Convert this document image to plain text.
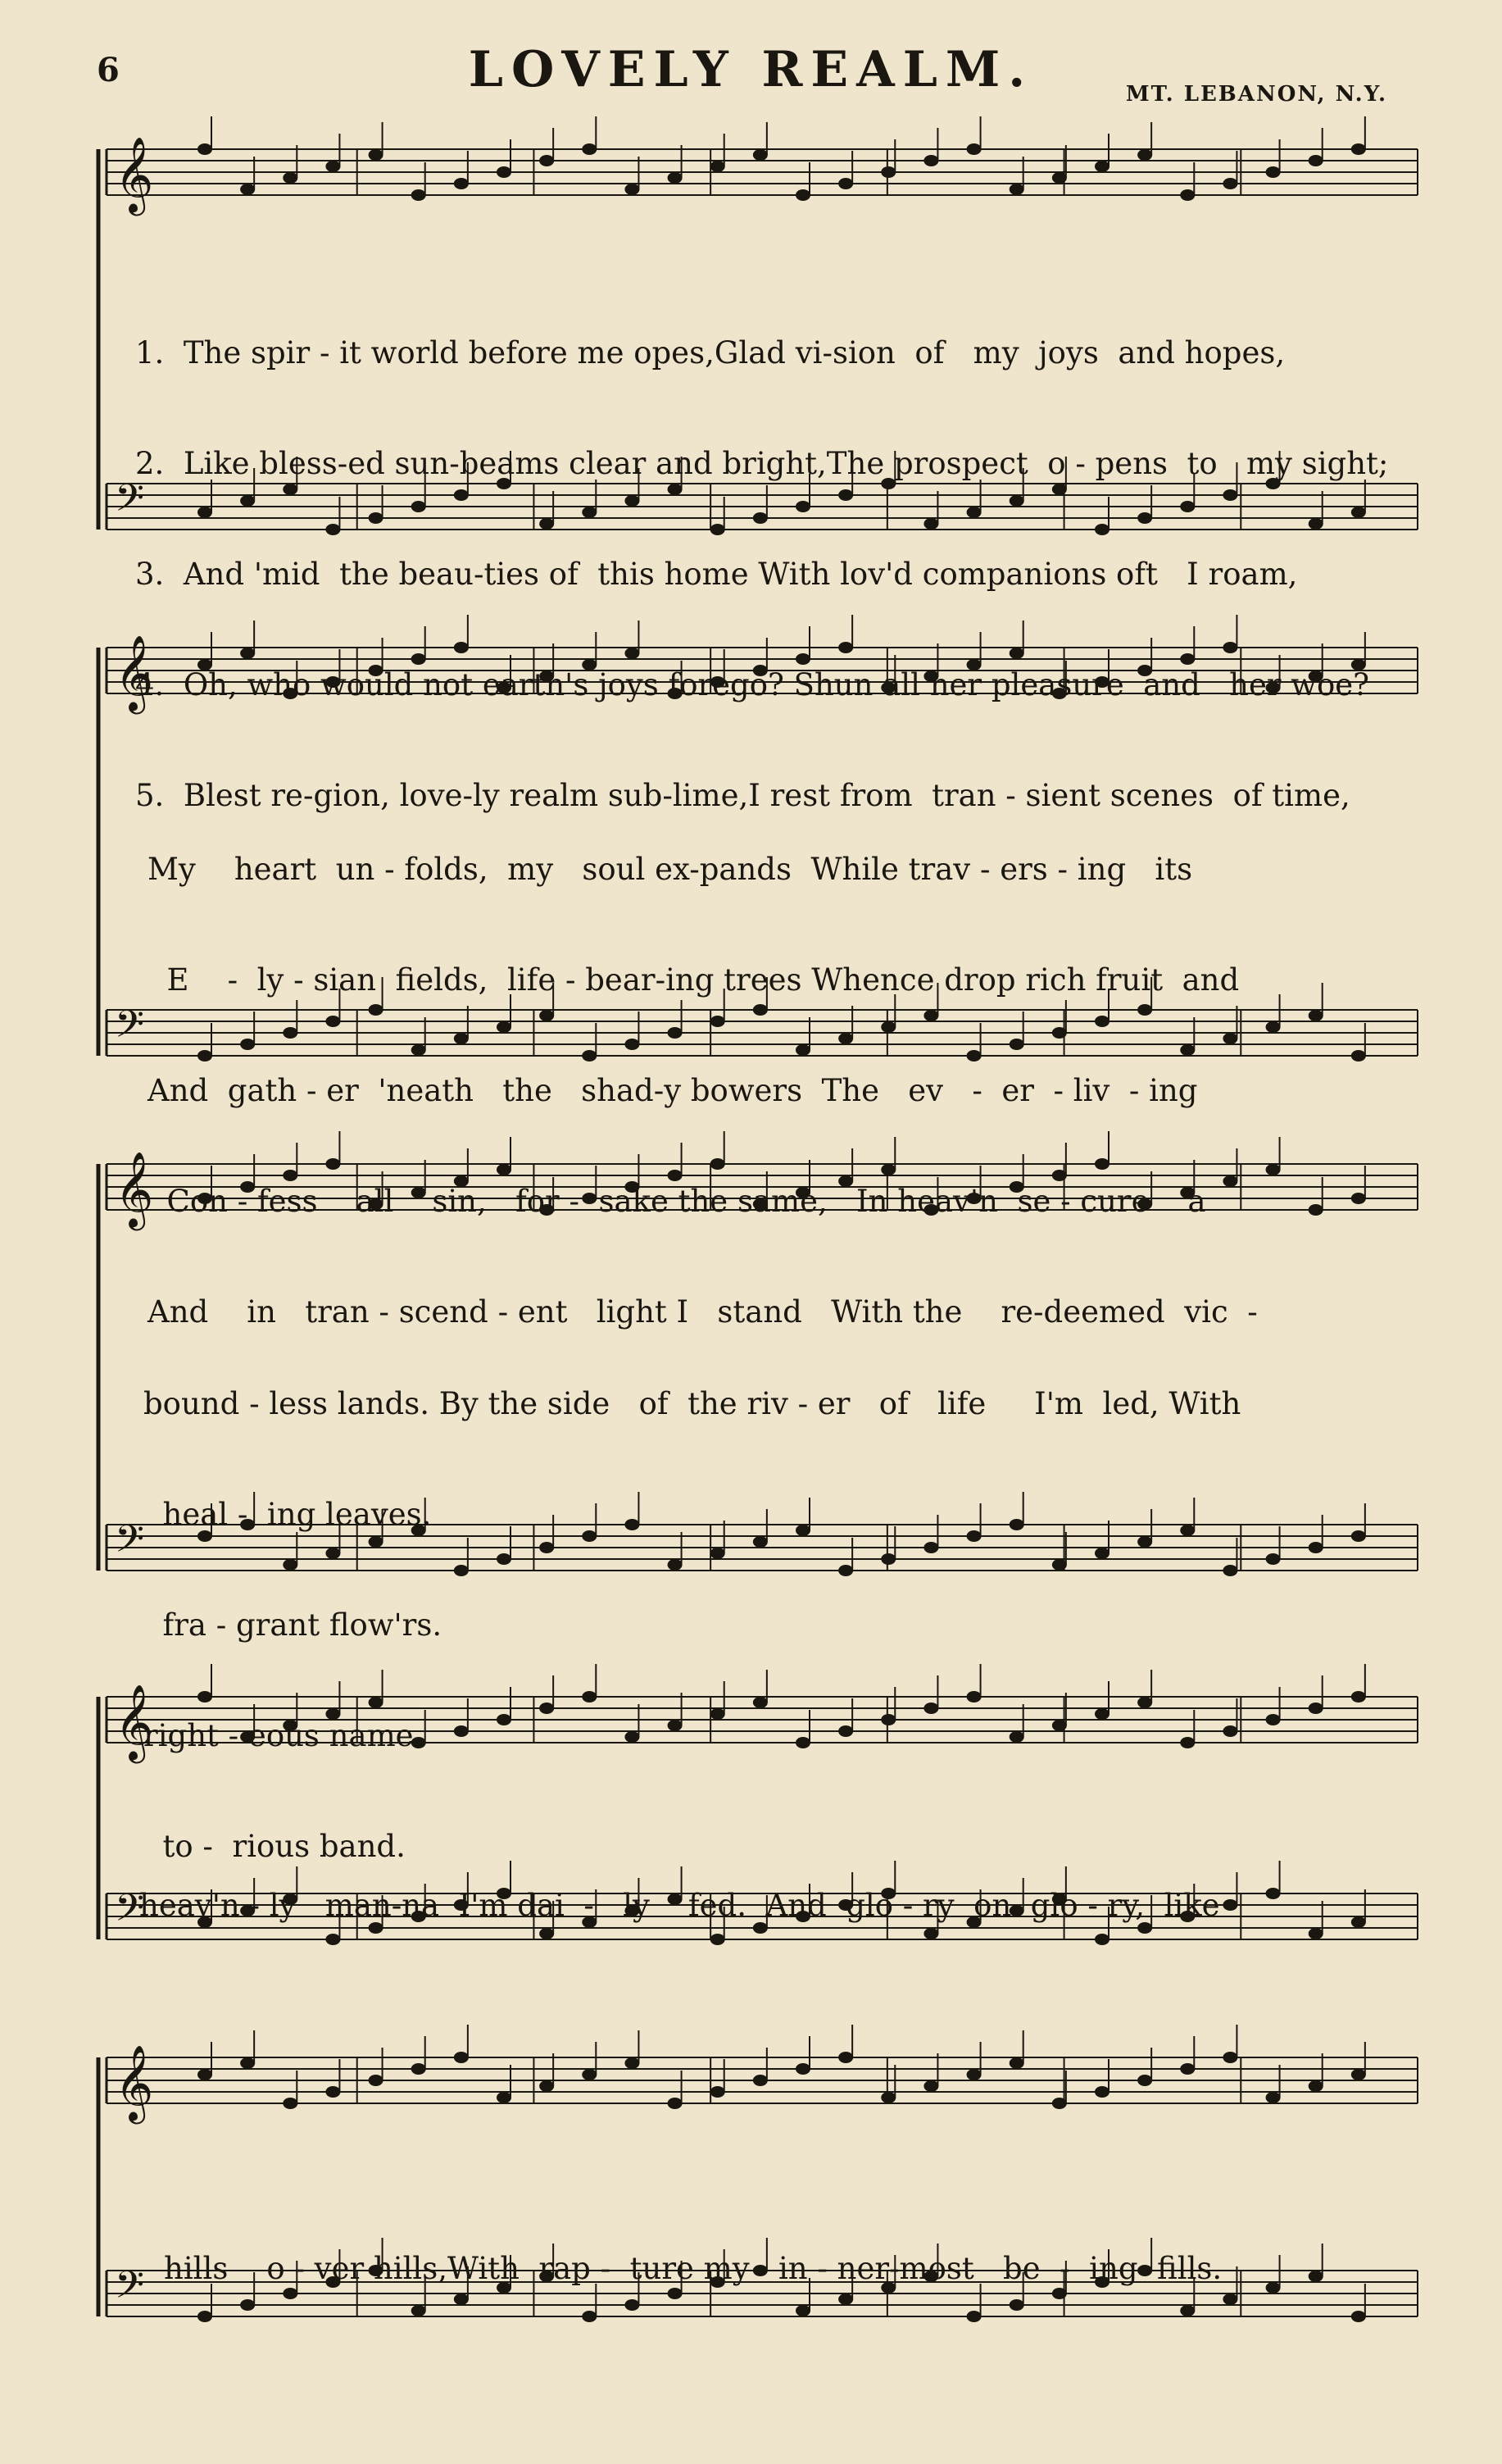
6	LOVELY REALM.	MT. LEBANON, N.Y.
𝄞
𝄢
𝄞
𝄢
𝄞
𝄢
𝄞
𝄢
𝄞
𝄢

1.  The spir - it world before me opes,Glad vi-sion  of   my  joys  and hopes,

2.  Like bless-ed sun-beams clear and bright,The prospect  o - pens  to   my sight;

3.  And 'mid  the beau-ties of  this home With lov'd companions oft   I roam,

4.  Oh, who would not earth's joys forego? Shun all her pleasure  and   her woe?

5.  Blest re-gion, love-ly realm sub-lime,I rest from  tran - sient scenes  of time,

My    heart  un - folds,  my   soul ex-pands  While trav - ers - ing   its

E    -  ly - sian  fields,  life - bear-ing trees Whence drop rich fruit  and

And  gath - er  'neath   the   shad-y bowers  The   ev   -  er  - liv  - ing

Con - fess    all    sin,   for -  sake the same,   In heav'n  se - cure    a

And    in   tran - scend - ent   light I   stand   With the    re-deemed  vic  -

bound - less lands. By the side   of  the riv - er   of   life     I'm  led, With

heal -  ing leaves.

fra - grant flow'rs.

right - eous name.

to -  rious band.

heav'n - ly   man-na  I'm dai  -   ly    fed.  And  glo - ry  on  glo - ry,  like

hills    o - ver hills,With  rap -  ture my   in - ner-most   be  -  ing  fills.
